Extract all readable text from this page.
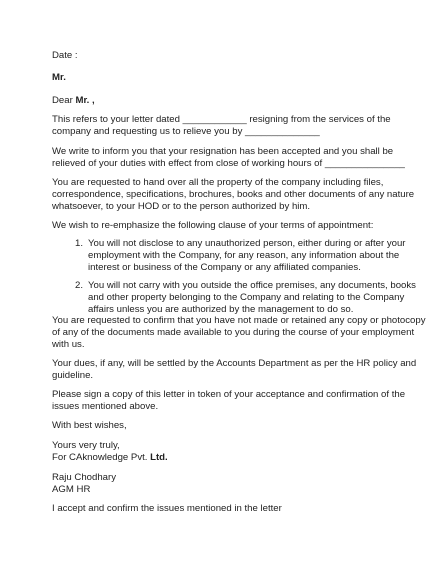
Date :

Mr.

Dear Mr. ,

This refers to your letter dated ____________ resigning from the services of the

company and requesting us to relieve you by ______________

We write to inform you that your resignation has been accepted and you shall be

relieved of your duties with effect from close of working hours of _______________

You are requested to hand over all the property of the company including files,

correspondence, specifications, brochures, books and other documents of any nature

whatsoever, to your HOD or to the person authorized by him.

We wish to re-emphasize the following clause of your terms of appointment:

1. You will not disclose to any unauthorized person, either during or after your

employment with the Company, for any reason, any information about the

interest or business of the Company or any affiliated companies.

2. You will not carry with you outside the office premises, any documents, books

and other property belonging to the Company and relating to the Company

affairs unless you are authorized by the management to do so.

You are requested to confirm that you have not made or retained any copy or photocopy

of any of the documents made available to you during the course of your employment

with us.

Your dues, if any, will be settled by the Accounts Department as per the HR policy and

guideline.

Please sign a copy of this letter in token of your acceptance and confirmation of the

issues mentioned above.

With best wishes,

Yours very truly,

For CAknowledge Pvt. Ltd.

Raju Chodhary

AGM HR

I accept and confirm the issues mentioned in the letter
